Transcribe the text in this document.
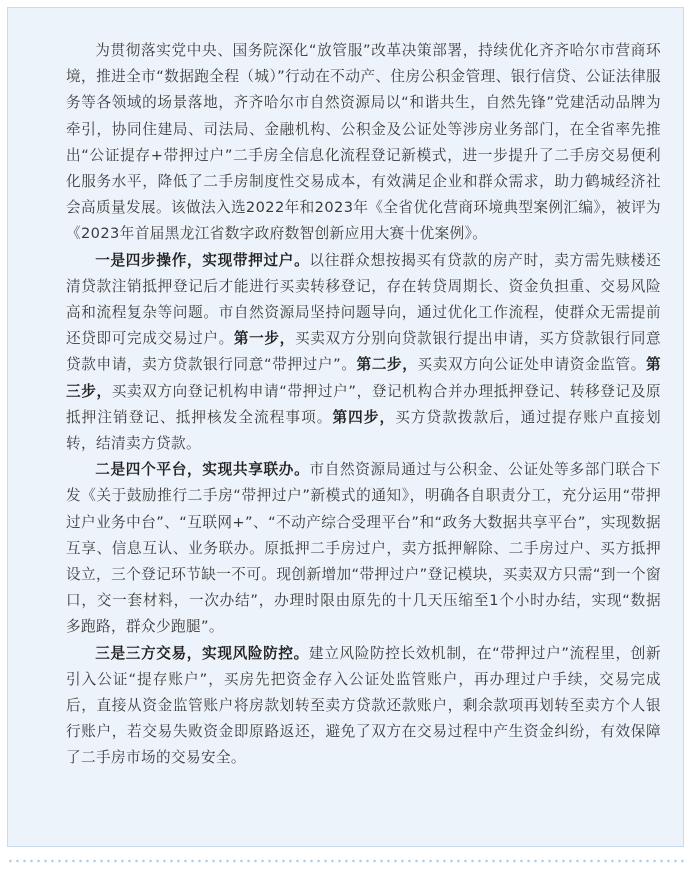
为贯彻落实党中央、国务院深化“放管服”改革决策部署，持续优化齐齐哈尔市营商环境，推进全市“数据跑全程（城）”行动在不动产、住房公积金管理、银行信贷、公证法律服务等各领域的场景落地，齐齐哈尔市自然资源局以“和谐共生，自然先锋”党建活动品牌为牵引，协同住建局、司法局、金融机构、公积金及公证处等涉房业务部门，在全省率先推出“公证提存+带押过户”二手房全信息化流程登记新模式，进一步提升了二手房交易便利化服务水平，降低了二手房制度性交易成本，有效满足企业和群众需求，助力鹤城经济社会高质量发展。该做法入选2022年和2023年《全省优化营商环境典型案例汇编》，被评为《2023年首届黑龙江省数字政府数智创新应用大赛十优案例》。

一是四步操作，实现带押过户。以往群众想按揭买有贷款的房产时，卖方需先赎楼还清贷款注销抵押登记后才能进行买卖转移登记，存在转贷周期长、资金负担重、交易风险高和流程复杂等问题。市自然资源局坚持问题导向，通过优化工作流程，使群众无需提前还贷即可完成交易过户。第一步，买卖双方分别向贷款银行提出申请，买方贷款银行同意贷款申请，卖方贷款银行同意“带押过户”。第二步，买卖双方向公证处申请资金监管。第三步，买卖双方向登记机构申请“带押过户”，登记机构合并办理抵押登记、转移登记及原抵押注销登记、抵押核发全流程事项。第四步，买方贷款拨款后，通过提存账户直接划转，结清卖方贷款。

二是四个平台，实现共享联办。市自然资源局通过与公积金、公证处等多部门联合下发《关于鼓励推行二手房“带押过户”新模式的通知》，明确各自职责分工，充分运用“带押过户业务中台”、“互联网+”、“不动产综合受理平台”和“政务大数据共享平台”，实现数据互享、信息互认、业务联办。原抵押二手房过户，卖方抵押解除、二手房过户、买方抵押设立，三个登记环节缺一不可。现创新增加“带押过户”登记模块，买卖双方只需“到一个窗口，交一套材料，一次办结”，办理时限由原先的十几天压缩至1个小时办结，实现“数据多跑路，群众少跑腿”。

三是三方交易，实现风险防控。建立风险防控长效机制，在“带押过户”流程里，创新引入公证“提存账户”，买房先把资金存入公证处监管账户，再办理过户手续，交易完成后，直接从资金监管账户将房款划转至卖方贷款还款账户，剩余款项再划转至卖方个人银行账户，若交易失败资金即原路返还，避免了双方在交易过程中产生资金纠纷，有效保障了二手房市场的交易安全。
